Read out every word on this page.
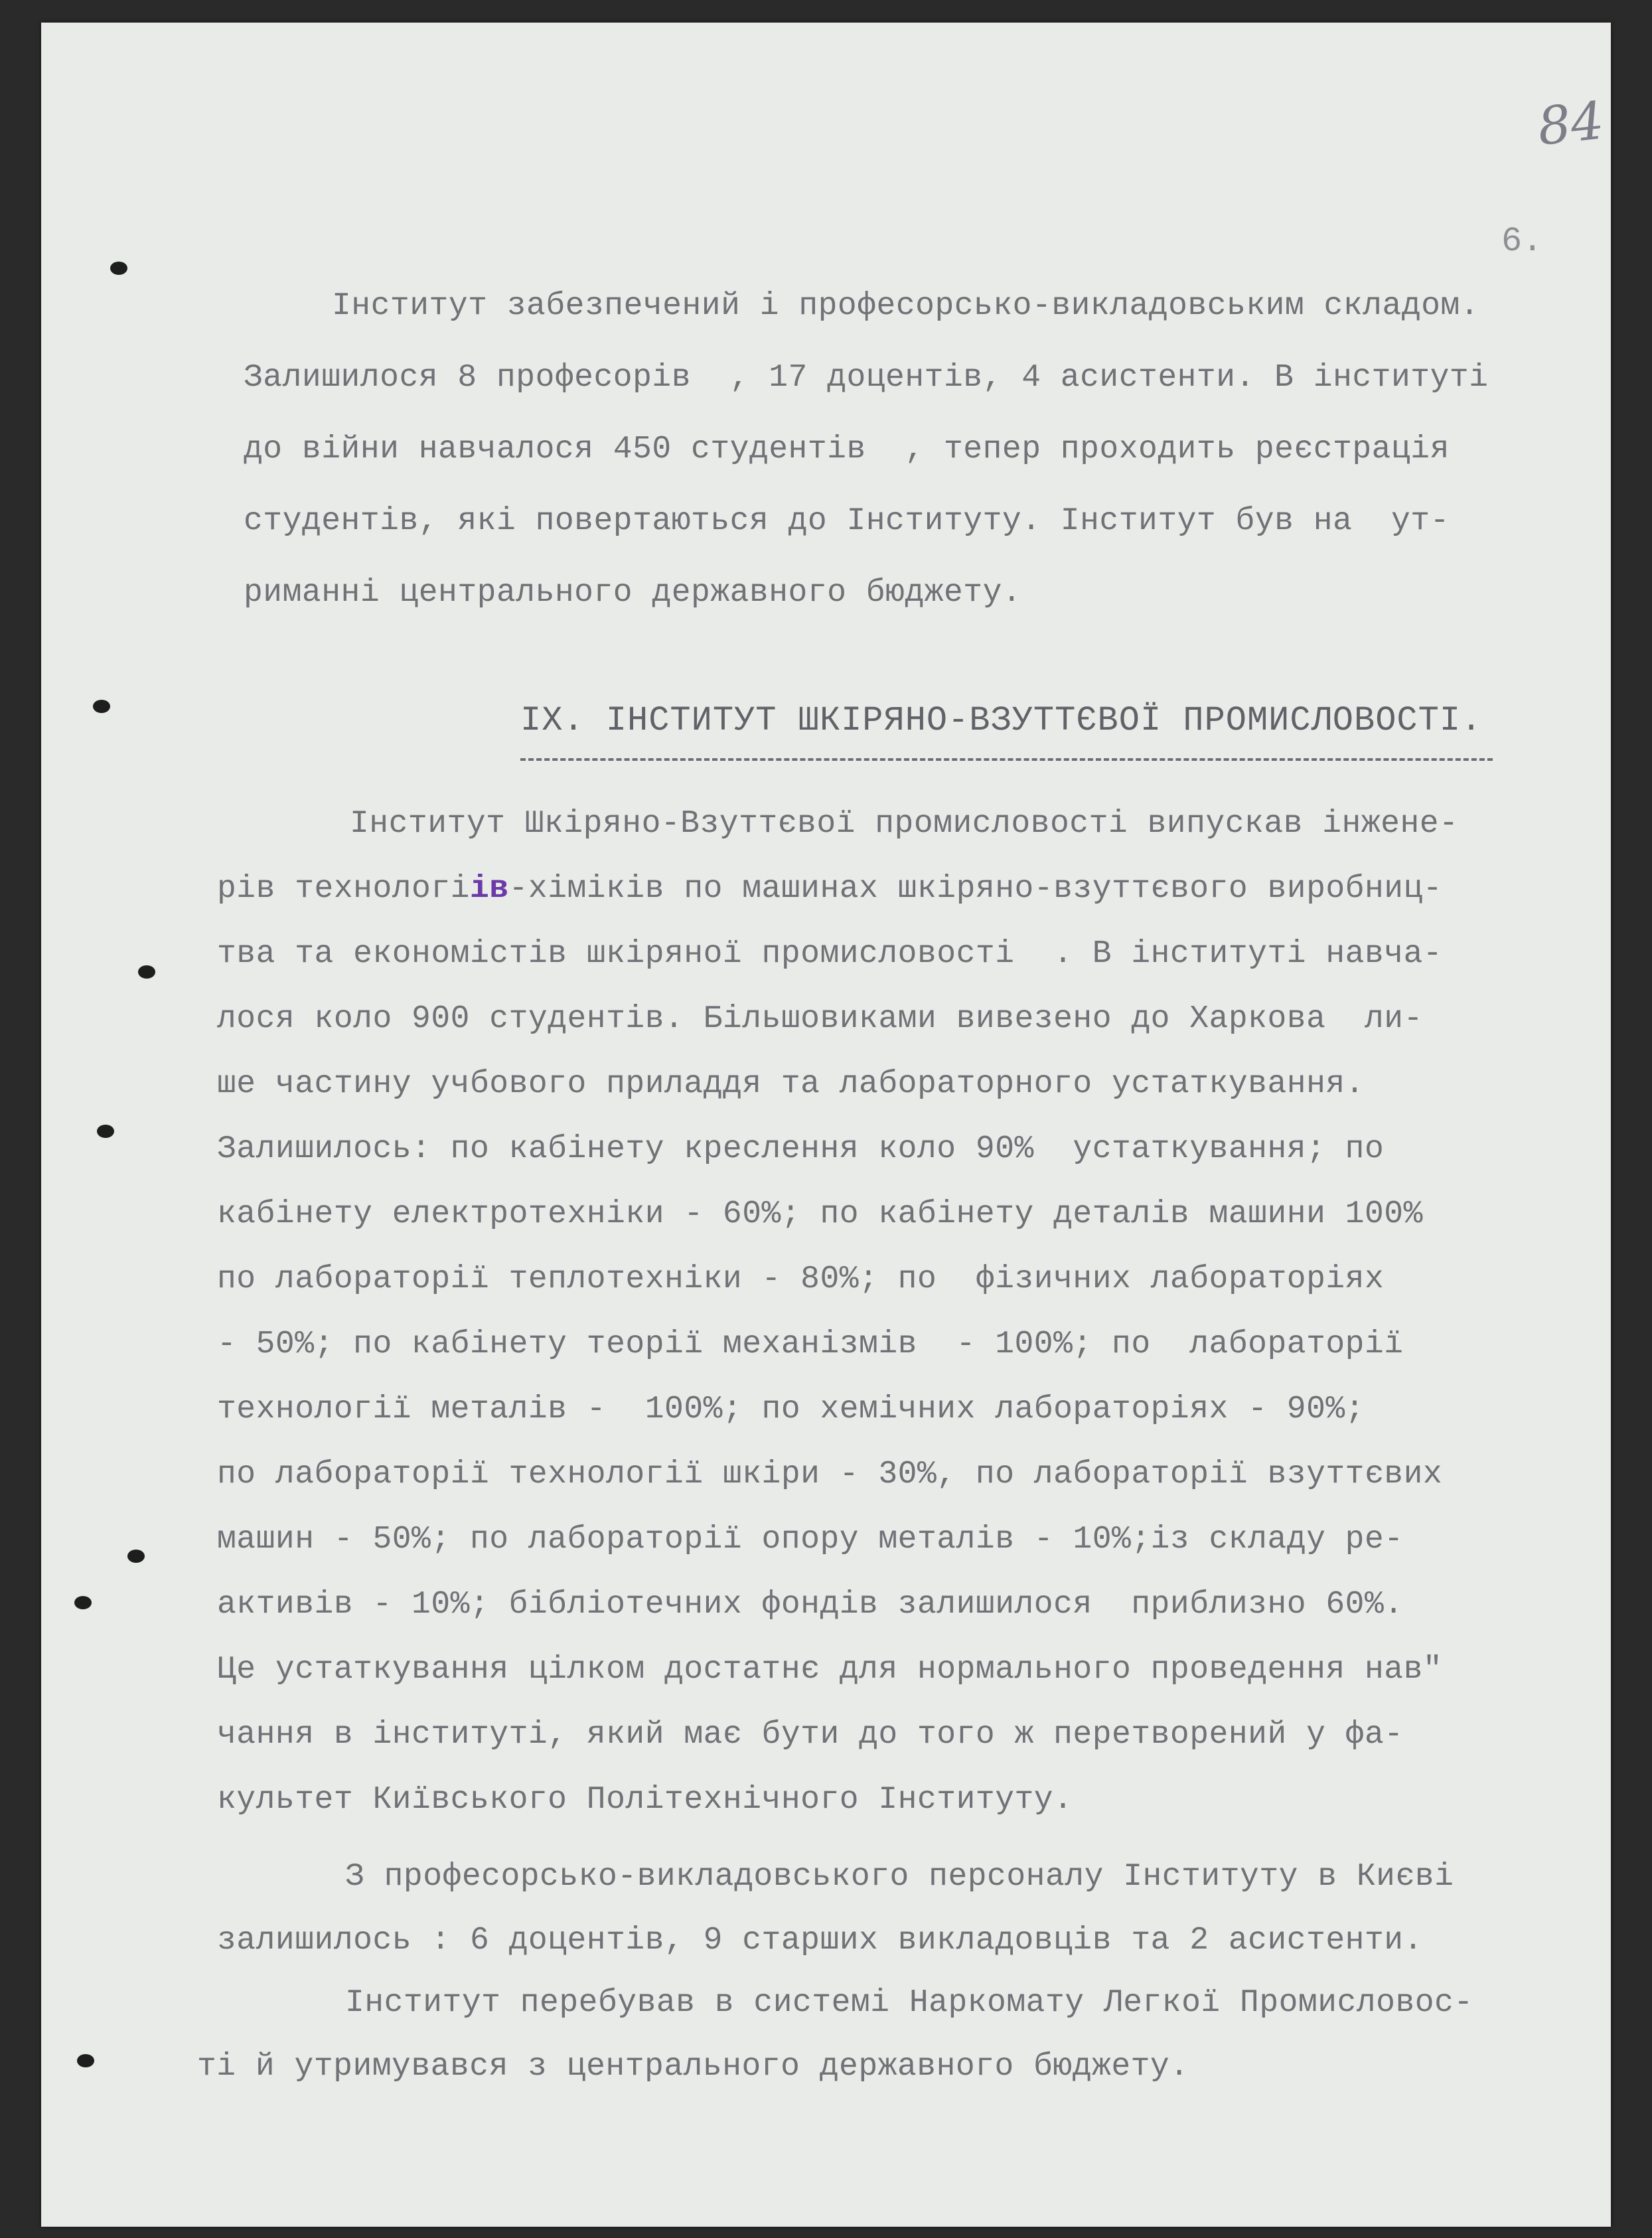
84
6.
Інститут забезпечений і професорсько-викладовським складом.
Залишилося 8 професорів  , 17 доцентів, 4 асистенти. В інституті
до війни навчалося 450 студентів  , тепер проходить реєстрація
студентів, які повертаються до Інституту. Інститут був на  ут-
риманні центрального державного бюджету.
IX. ІНСТИТУТ ШКІРЯНО-ВЗУТТЄВОЇ ПРОМИСЛОВОСТІ.
Інститут Шкіряно-Взуттєвої промисловості випускав інжене-
рів технологіів-хіміків по машинах шкіряно-взуттєвого виробниц-
тва та економістів шкіряної промисловості  . В інституті навча-
лося коло 900 студентів. Більшовиками вивезено до Харкова  ли-
ше частину учбового приладдя та лабораторного устаткування.
Залишилось: по кабінету креслення коло 90%  устаткування; по
кабінету електротехніки - 60%; по кабінету деталів машини 100%
по лабораторії теплотехніки - 80%; по  фізичних лабораторіях
- 50%; по кабінету теорії механізмів  - 100%; по  лабораторії
технології металів -  100%; по хемічних лабораторіях - 90%;
по лабораторії технології шкіри - 30%, по лабораторії взуттєвих
машин - 50%; по лабораторії опору металів - 10%;із складу ре-
активів - 10%; бібліотечних фондів залишилося  приблизно 60%.
Це устаткування цілком достатнє для нормального проведення нав"
чання в інституті, який має бути до того ж перетворений у фа-
культет Київського Політехнічного Інституту.
З професорсько-викладовського персоналу Інституту в Києві
залишилось : 6 доцентів, 9 старших викладовців та 2 асистенти.
Інститут перебував в системі Наркомату Легкої Промисловос-
ті й утримувався з центрального державного бюджету.
